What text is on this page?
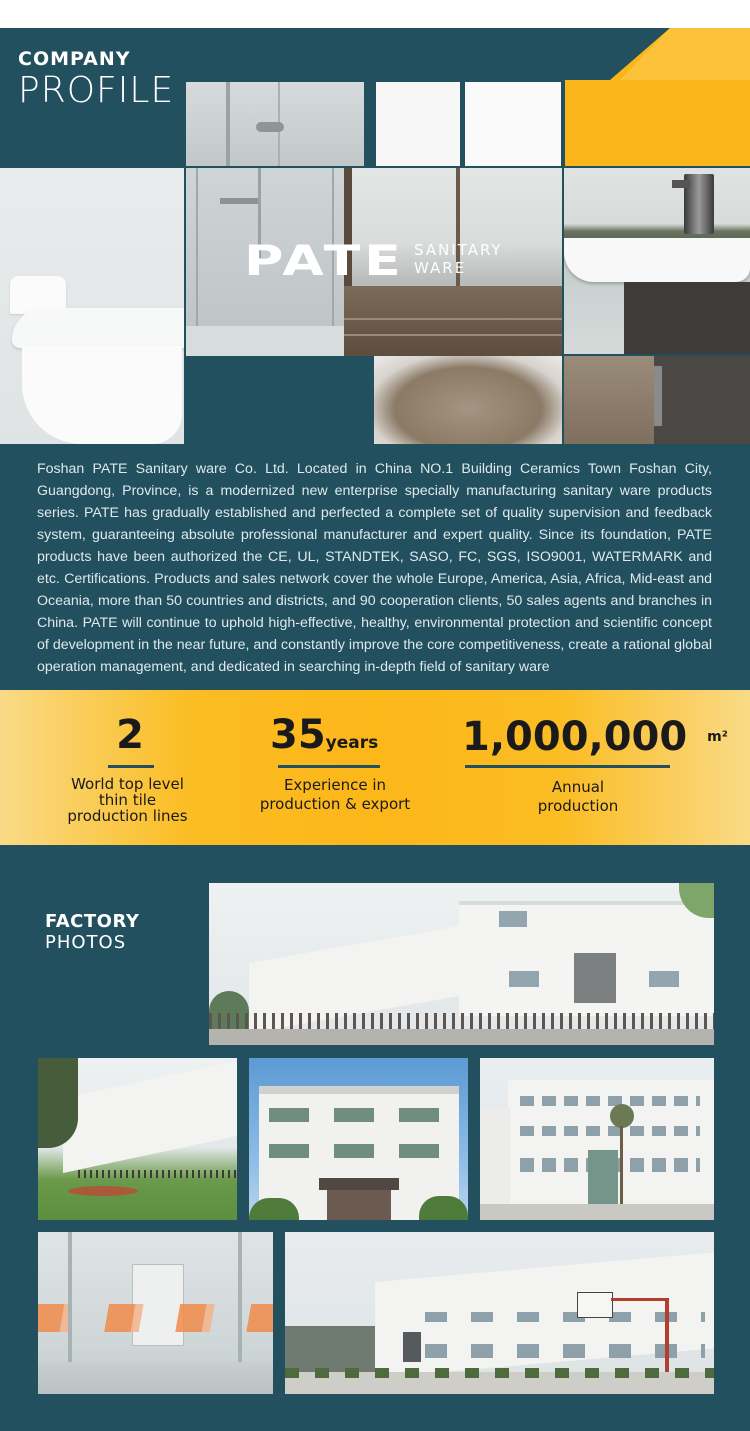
COMPANY
PROFILE
PATE SANITARY
WARE

Foshan PATE Sanitary ware Co. Ltd. Located in China NO.1 Building Ceramics Town Foshan City, Guangdong, Province, is a modernized new enterprise specially manufacturing sanitary ware products series. PATE has gradually established and perfected a complete set of quality supervision and feedback system, guaranteeing absolute professional manufacturer and expert quality. Since its foundation, PATE products have been authorized the CE, UL, STANDTEK, SASO, FC, SGS, ISO9001, WATERMARK and etc. Certifications. Products and sales network cover the whole Europe, America, Asia, Africa, Mid-east and Oceania, more than 50 countries and districts, and 90 cooperation clients, 50 sales agents and branches in China. PATE will continue to uphold high-effective, healthy, environmental protection and scientific concept of development in the near future, and constantly improve the core competitiveness, create a rational global operation management, and dedicated in searching in-depth field of sanitary ware

2
World top level
thin tile
production lines
35years
Experience in
production & export
1,000,000 $^{m^2}$
Annual
production
FACTORY
PHOTOS
